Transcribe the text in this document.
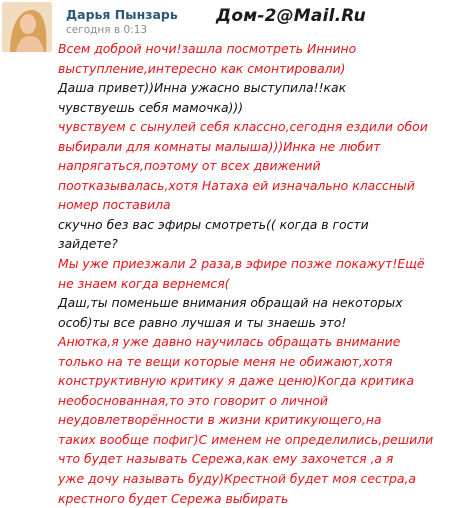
Дарья Пынзарь
сегодня в 0:13
Дом-2@Mail.Ru
Всем доброй ночи!зашла посмотреть Иннино
выступление,интересно как смонтировали)
Даша привет))Инна ужасно выступила!!как
чувствуешь себя мамочка)))
чувствуем с сынулей себя классно,сегодня ездили обои
выбирали для комнаты малыша)))Инка не любит
напрягаться,поэтому от всех движений
поотказывалась,хотя Натаха ей изначально классный
номер поставила
скучно без вас эфиры смотреть(( когда в гости
зайдете?
Мы уже приезжали 2 раза,в эфире позже покажут!Ещё
не знаем когда вернемся(
Даш,ты поменьше внимания обращай на некоторых
особ)ты все равно лучшая и ты знаешь это!
Анютка,я уже давно научилась обращать внимание
только на те вещи которые меня не обижают,хотя
конструктивную критику я даже ценю)Когда критика
необоснованная,то это говорит о личной
неудовлетворённости в жизни критикующего,на
таких вообще пофиг)С именем не определились,решили
что будет называть Сережа,как ему захочется ,а я
уже дочу называть буду)Крестной будет моя сестра,а
крестного будет Сережа выбирать
